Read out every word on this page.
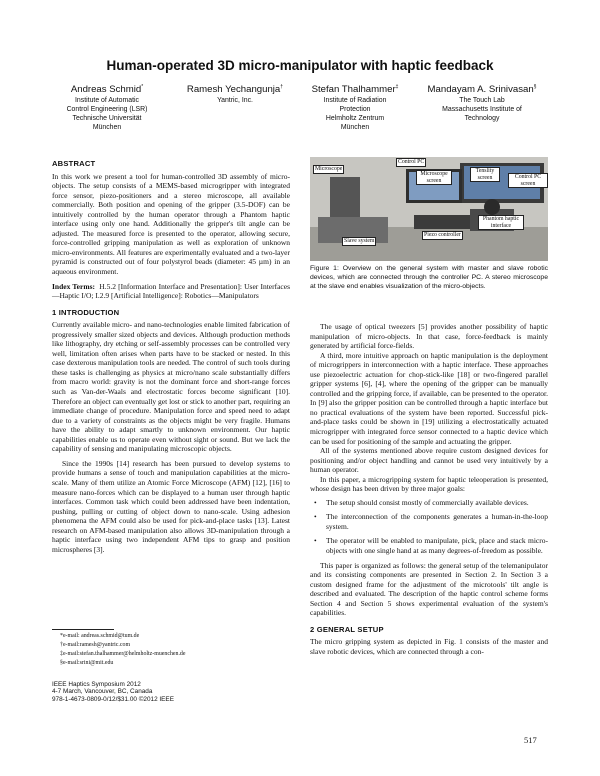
Human-operated 3D micro-manipulator with haptic feedback
Andreas Schmid*
Institute of Automatic
Control Engineering (LSR)
Technische Universität
München
Ramesh Yechangunja†
Yantric, Inc.
Stefan Thalhammer‡
Institute of Radiation
Protection
Helmholtz Zentrum
München
Mandayam A. Srinivasan§
The Touch Lab
Massachusetts Institute of
Technology
ABSTRACT

In this work we present a tool for human-controlled 3D assembly of micro-objects. The setup consists of a MEMS-based microgripper with integrated force sensor, piezo-positioners and a stereo microscope, all available commercially. Both position and opening of the gripper (3.5-DOF) can be intuitively controlled by the human operator through a Phantom haptic interface using only one hand. Additionally the gripper's tilt angle can be adjusted. The measured force is presented to the operator, allowing secure, force-controlled gripping manipulation as well as exploration of unknown micro-environments. All features are experimentally evaluated and a two-layer pyramid is constructed out of four polystyrol beads (diameter: 45 µm) in an aqueous environment.

Index Terms: H.5.2 [Information Interface and Presentation]: User Interfaces—Haptic I/O; I.2.9 [Artificial Intelligence]: Robotics—Manipulators

1 INTRODUCTION

Currently available micro- and nano-technologies enable limited fabrication of progressively smaller sized objects and devices. Although production methods like lithography, dry etching or self-assembly processes can be controlled very well, limitation often arises when parts have to be stacked or nested. In this case dexterous manipulation tools are needed. The control of such tools during these tasks is challenging as physics at micro/nano scale substantially differs from macro world: gravity is not the dominant force and short-range forces such as Van-der-Waals and electrostatic forces become significant [10]. Therefore an object can eventually get lost or stick to another part, requiring an immediate change of procedure. Manipulation force and speed need to adapt due to a variety of constraints as the objects might be very fragile. Humans have the ability to adapt smartly to unknown environment. Our haptic capabilities enable us to operate even without sight or sound. But we lack the capability of sensing and manipulating microscopic objects.

Since the 1990s [14] research has been pursued to develop systems to provide humans a sense of touch and manipulation capabilities at the micro-scale. Many of them utilize an Atomic Force Microscope (AFM) [12], [16] to measure nano-forces which can be displayed to a human user through haptic interfaces. Common task which could been addressed have been indentation, pushing, pulling or cutting of object down to nano-scale. Using adhesion phenomena the AFM could also be used for pick-and-place tasks [13]. Latest research on AFM-based manipulation also allows 3D-manipulation through a haptic interface using two independent AFM tips to grasp and position microspheres [3].

*e-mail: andreas.schmid@tum.de
†e-mail:ramesh@yantric.com
‡e-mail:stefan.thalhammer@helmholtz-muenchen.de
§e-mail:srini@mit.edu
IEEE Haptics Symposium 2012
4-7 March, Vancouver, BC, Canada
978-1-4673-0809-0/12/$31.00 ©2012 IEEE
Microscope
Control PC
Microscope screen
Tenslity screen	Control PC screen
Phantom haptic interface
Piezo controller
Slave system
Figure 1: Overview on the general system with master and slave robotic devices, which are connected through the controller PC. A stereo microscope at the slave end enables visualization of the micro-objects.

The usage of optical tweezers [5] provides another possibility of haptic manipulation of micro-objects. In that case, force-feedback is mainly generated by artificial force-fields.

A third, more intuitive approach on haptic manipulation is the deployment of microgrippers in interconnection with a haptic interface. These approaches use piezoelectric actuation for chop-stick-like [18] or two-fingered parallel gripper systems [6], [4], where the opening of the gripper can be manually controlled and the gripping force, if available, can be presented to the operator. In [9] also the gripper position can be controlled through a haptic interface but no practical evaluations of the system have been reported. Successful pick-and-place tasks could be shown in [19] utilizing a electrostatically actuated microgripper with integrated force sensor connected to a haptic device which can be used for positioning of the sample and actuating the gripper.

All of the systems mentioned above require custom designed devices for positioning and/or object handling and cannot be used very intuitively by a human operator.

In this paper, a microgripping system for haptic teleoperation is presented, whose design has been driven by three major goals:

• The setup should consist mostly of commercially available devices.
• The interconnection of the components generates a human-in-the-loop system.
• The operator will be enabled to manipulate, pick, place and stack micro-objects with one single hand at as many degrees-of-freedom as possible.

This paper is organized as follows: the general setup of the telemanipulator and its consisting components are presented in Section 2. In Section 3 a custom designed frame for the adjustment of the microtools' tilt angle is described and evaluated. The description of the haptic control scheme forms Section 4 and Section 5 shows experimental evaluation of the system's capabilities.

2 GENERAL SETUP

The micro gripping system as depicted in Fig. 1 consists of the master and slave robotic devices, which are connected through a con-

517
